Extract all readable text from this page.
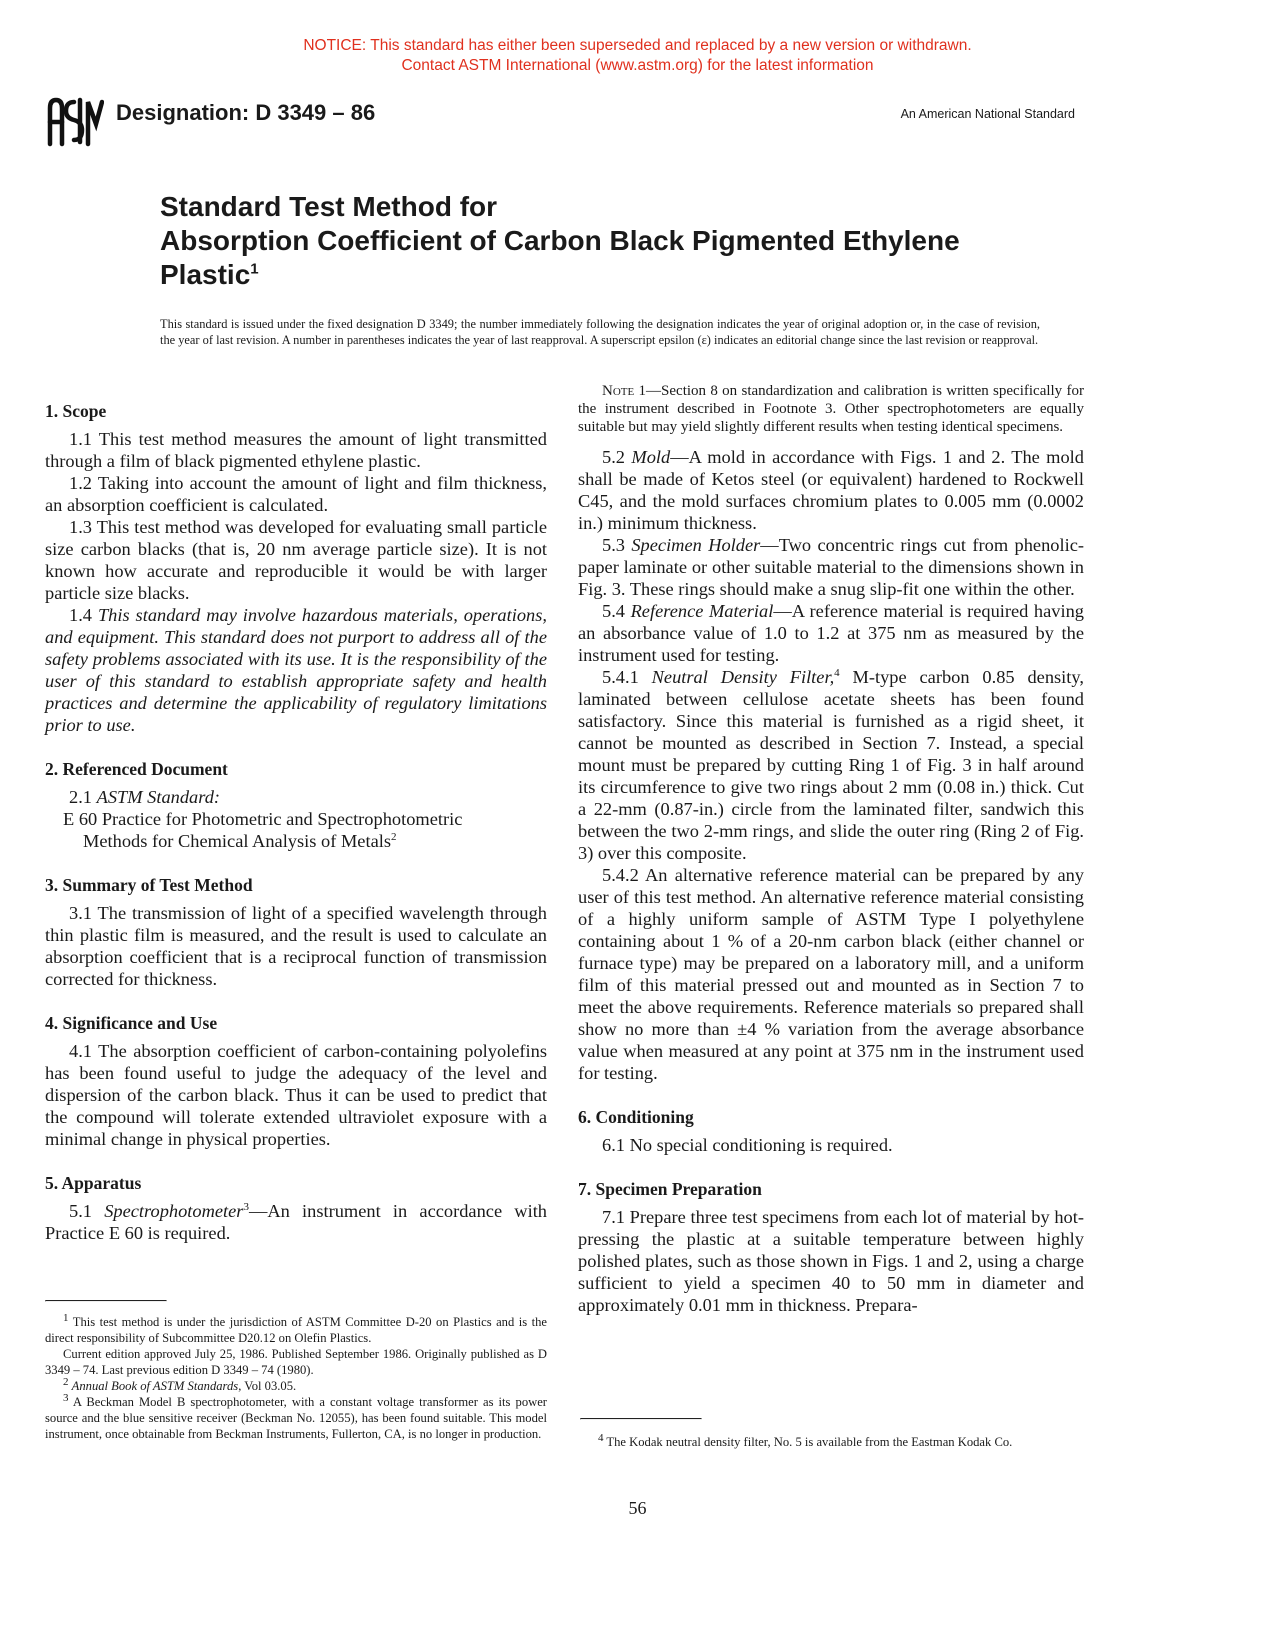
NOTICE: This standard has either been superseded and replaced by a new version or withdrawn.
Contact ASTM International (www.astm.org) for the latest information
Designation: D 3349 – 86	An American National Standard
Standard Test Method for
Absorption Coefficient of Carbon Black Pigmented Ethylene
Plastic$^1$
This standard is issued under the fixed designation D 3349; the number immediately following the designation indicates the year of original adoption or, in the case of revision, the year of last revision. A number in parentheses indicates the year of last reapproval. A superscript epsilon (ε) indicates an editorial change since the last revision or reapproval.
1. Scope

1.1 This test method measures the amount of light transmitted through a film of black pigmented ethylene plastic.

1.2 Taking into account the amount of light and film thickness, an absorption coefficient is calculated.

1.3 This test method was developed for evaluating small particle size carbon blacks (that is, 20 nm average particle size). It is not known how accurate and reproducible it would be with larger particle size blacks.

1.4 This standard may involve hazardous materials, operations, and equipment. This standard does not purport to address all of the safety problems associated with its use. It is the responsibility of the user of this standard to establish appropriate safety and health practices and determine the applicability of regulatory limitations prior to use.

2. Referenced Document

2.1 ASTM Standard:

E 60 Practice for Photometric and Spectrophotometric

Methods for Chemical Analysis of Metals$^2$

3. Summary of Test Method

3.1 The transmission of light of a specified wavelength through thin plastic film is measured, and the result is used to calculate an absorption coefficient that is a reciprocal function of transmission corrected for thickness.

4. Significance and Use

4.1 The absorption coefficient of carbon-containing polyolefins has been found useful to judge the adequacy of the level and dispersion of the carbon black. Thus it can be used to predict that the compound will tolerate extended ultraviolet exposure with a minimal change in physical properties.

5. Apparatus

5.1 Spectrophotometer$^3$—An instrument in accordance with Practice E 60 is required.

$^1$ This test method is under the jurisdiction of ASTM Committee D-20 on Plastics and is the direct responsibility of Subcommittee D20.12 on Olefin Plastics.

Current edition approved July 25, 1986. Published September 1986. Originally published as D 3349 – 74. Last previous edition D 3349 – 74 (1980).

$^2$ Annual Book of ASTM Standards, Vol 03.05.

$^3$ A Beckman Model B spectrophotometer, with a constant voltage transformer as its power source and the blue sensitive receiver (Beckman No. 12055), has been found suitable. This model instrument, once obtainable from Beckman Instruments, Fullerton, CA, is no longer in production.

Note 1—Section 8 on standardization and calibration is written specifically for the instrument described in Footnote 3. Other spectrophotometers are equally suitable but may yield slightly different results when testing identical specimens.

5.2 Mold—A mold in accordance with Figs. 1 and 2. The mold shall be made of Ketos steel (or equivalent) hardened to Rockwell C45, and the mold surfaces chromium plates to 0.005 mm (0.0002 in.) minimum thickness.

5.3 Specimen Holder—Two concentric rings cut from phenolic-paper laminate or other suitable material to the dimensions shown in Fig. 3. These rings should make a snug slip-fit one within the other.

5.4 Reference Material—A reference material is required having an absorbance value of 1.0 to 1.2 at 375 nm as measured by the instrument used for testing.

5.4.1 Neutral Density Filter,$^4$ M-type carbon 0.85 density, laminated between cellulose acetate sheets has been found satisfactory. Since this material is furnished as a rigid sheet, it cannot be mounted as described in Section 7. Instead, a special mount must be prepared by cutting Ring 1 of Fig. 3 in half around its circumference to give two rings about 2 mm (0.08 in.) thick. Cut a 22-mm (0.87-in.) circle from the laminated filter, sandwich this between the two 2-mm rings, and slide the outer ring (Ring 2 of Fig. 3) over this composite.

5.4.2 An alternative reference material can be prepared by any user of this test method. An alternative reference material consisting of a highly uniform sample of ASTM Type I polyethylene containing about 1 % of a 20-nm carbon black (either channel or furnace type) may be prepared on a laboratory mill, and a uniform film of this material pressed out and mounted as in Section 7 to meet the above requirements. Reference materials so prepared shall show no more than ±4 % variation from the average absorbance value when measured at any point at 375 nm in the instrument used for testing.

6. Conditioning

6.1 No special conditioning is required.

7. Specimen Preparation

7.1 Prepare three test specimens from each lot of material by hot-pressing the plastic at a suitable temperature between highly polished plates, such as those shown in Figs. 1 and 2, using a charge sufficient to yield a specimen 40 to 50 mm in diameter and approximately 0.01 mm in thickness. Prepara-

$^4$ The Kodak neutral density filter, No. 5 is available from the Eastman Kodak Co.

56
